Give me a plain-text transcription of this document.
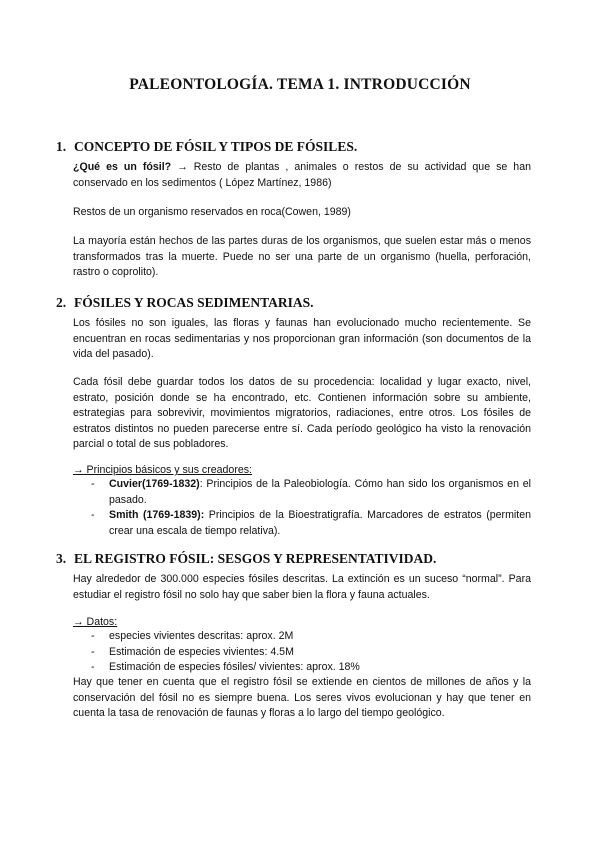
PALEONTOLOGÍA. TEMA 1. INTRODUCCIÓN
1. CONCEPTO DE FÓSIL Y TIPOS DE FÓSILES.
¿Qué es un fósil? → Resto de plantas , animales o restos de su actividad que se han conservado en los sedimentos ( López Martínez, 1986)
Restos de un organismo reservados en roca(Cowen, 1989)
La mayoría están hechos de las partes duras de los organismos, que suelen estar más o menos transformados tras la muerte. Puede no ser una parte de un organismo (huella, perforación, rastro o coprolito).
2. FÓSILES Y ROCAS SEDIMENTARIAS.
Los fósiles no son iguales, las floras y faunas han evolucionado mucho recientemente. Se encuentran en rocas sedimentarias y nos proporcionan gran información (son documentos de la vida del pasado).
Cada fósil debe guardar todos los datos de su procedencia: localidad y lugar exacto, nivel, estrato, posición donde se ha encontrado, etc. Contienen información sobre su ambiente, estrategias para sobrevivir, movimientos migratorios, radiaciones, entre otros. Los fósiles de estratos distintos no pueden parecerse entre sí. Cada período geológico ha visto la renovación parcial o total de sus pobladores.
→ Principios básicos y sus creadores:
- Cuvier(1769-1832): Principios de la Paleobiología. Cómo han sido los organismos en el pasado.
- Smith (1769-1839): Principios de la Bioestratigrafía. Marcadores de estratos (permiten crear una escala de tiempo relativa).
3. EL REGISTRO FÓSIL: SESGOS Y REPRESENTATIVIDAD.
Hay alrededor de 300.000 especies fósiles descritas. La extinción es un suceso “normal”. Para estudiar el registro fósil no solo hay que saber bien la flora y fauna actuales.
→ Datos:
- especies vivientes descritas: aprox. 2M
- Estimación de especies vivientes: 4.5M
- Estimación de especies fósiles/ vivientes: aprox. 18%
Hay que tener en cuenta que el registro fósil se extiende en cientos de millones de años y la conservación del fósil no es siempre buena. Los seres vivos evolucionan y hay que tener en cuenta la tasa de renovación de faunas y floras a lo largo del tiempo geológico.
